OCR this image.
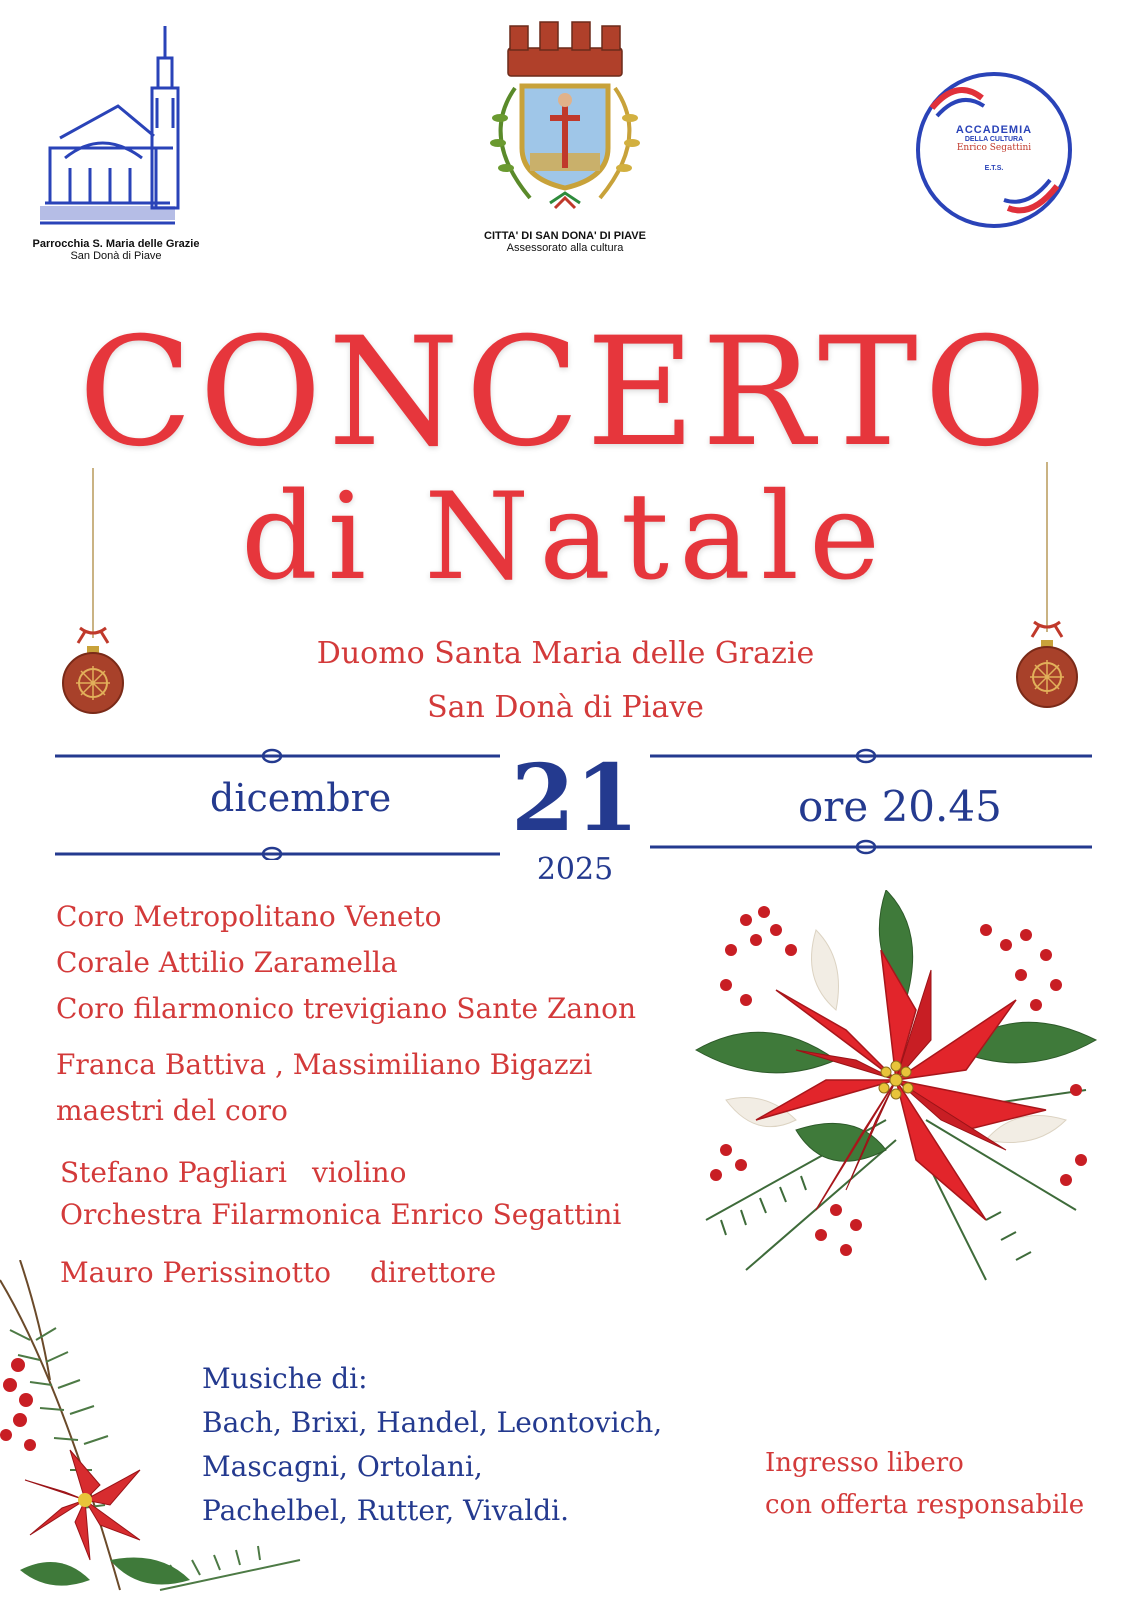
Parrocchia S. Maria delle Grazie
San Donà di Piave
CITTA' DI SAN DONA' DI PIAVE
Assessorato alla cultura
ACCADEMIA
DELLA CULTURA
Enrico Segattini
E.T.S.
CONCERTO
di Natale
Duomo Santa Maria delle Grazie
San Donà di Piave
dicembre 21
2025
ore 20.45
Coro Metropolitano Veneto
Corale Attilio Zaramella
Coro filarmonico trevigiano Sante Zanon
Franca Battiva , Massimiliano Bigazzi
maestri del coro
Stefano Pagliari violino
Orchestra Filarmonica Enrico Segattini
Mauro Perissinotto direttore
Musiche di:
Bach, Brixi, Handel, Leontovich,
Mascagni, Ortolani,
Pachelbel, Rutter, Vivaldi.
Ingresso libero
con offerta responsabile
